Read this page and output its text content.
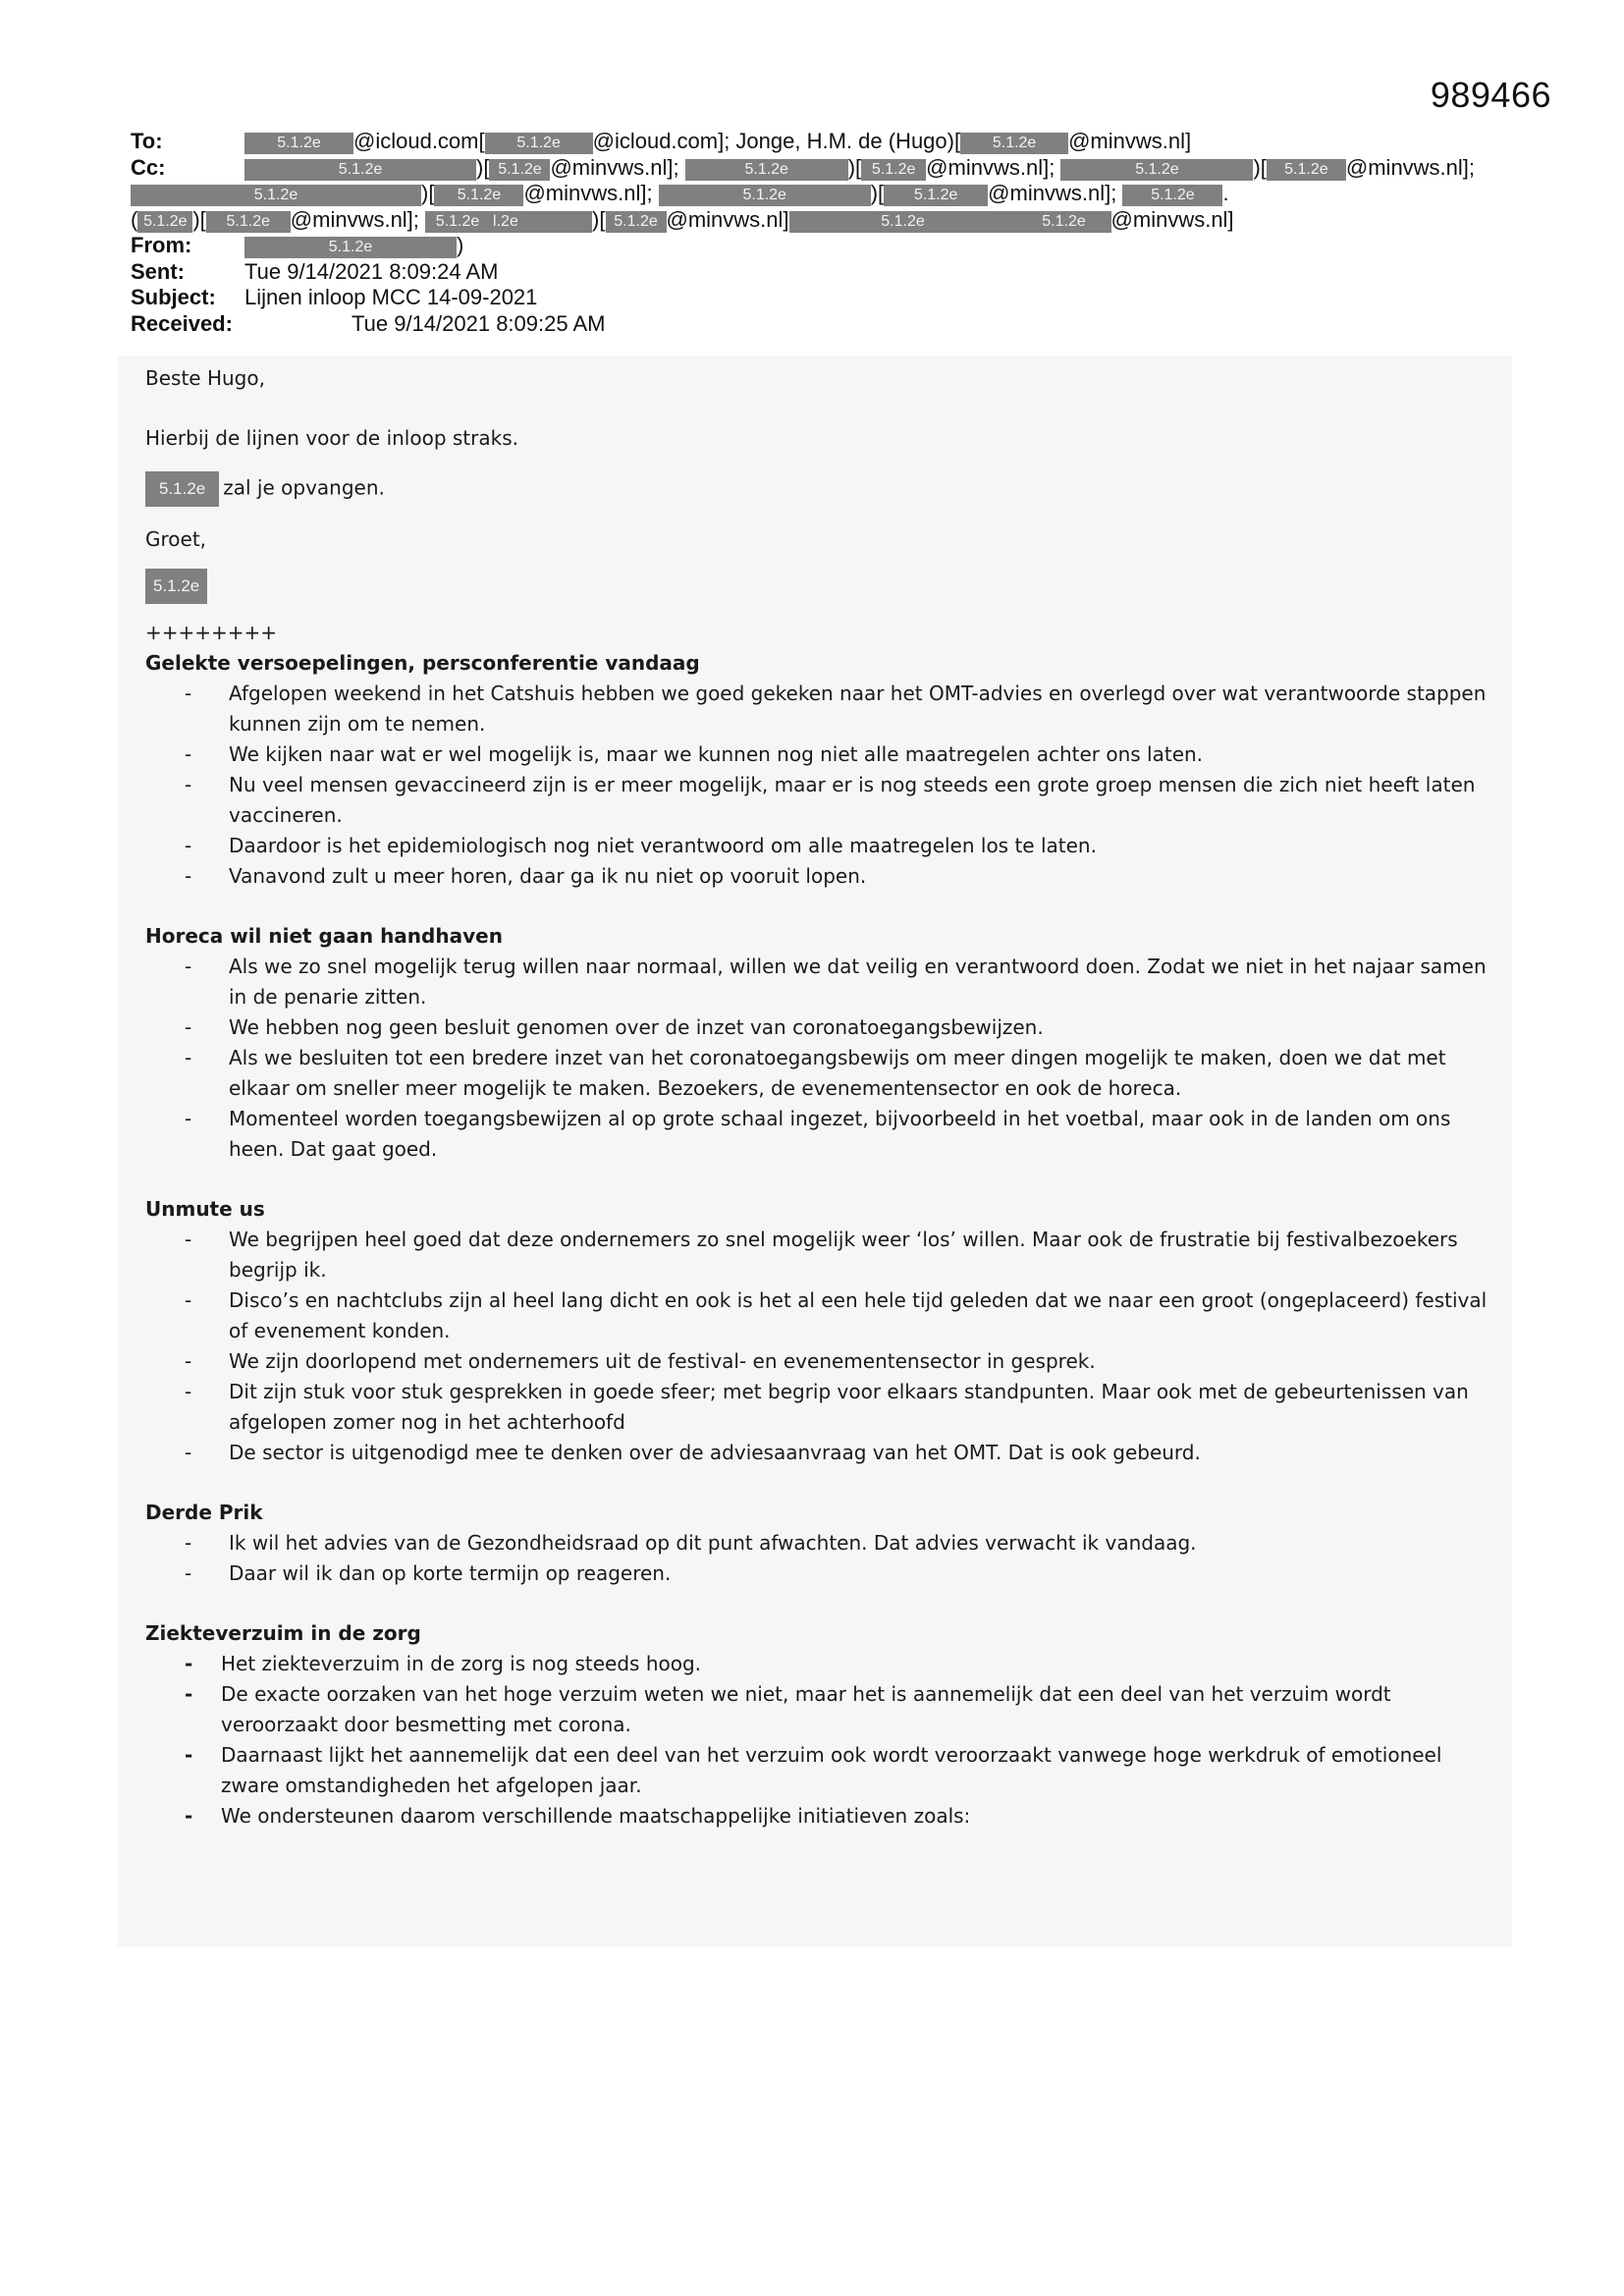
989466
To:	5.1.2e @icloud.com[ 5.1.2e @icloud.com]; Jonge, H.M. de (Hugo)[ 5.1.2e @minvws.nl]
Cc:	5.1.2e	)[ 5.1.2e @minvws.nl];	5.1.2e	)[ 5.1.2e @minvws.nl];	5.1.2e	)[ 5.1.2e @minvws.nl];
5.1.2e	)[ 5.1.2e @minvws.nl];	5.1.2e	)[ 5.1.2e @minvws.nl]; 5.1.2e .
( 5.1.2e )[ 5.1.2e @minvws.nl]; 5.1.2e l.2e	)[ 5.1.2e @minvws.nl]	5.1.2e	5.1.2e @minvws.nl]
From:	5.1.2e	)
Sent:	Tue 9/14/2021 8:09:24 AM
Subject: Lijnen inloop MCC 14-09-2021
Received:	Tue 9/14/2021 8:09:25 AM

Beste Hugo,

Hierbij de lijnen voor de inloop straks.

5.1.2e zal je opvangen.

Groet,

5.1.2e

++++++++

Gelekte versoepelingen, persconferentie vandaag

- Afgelopen weekend in het Catshuis hebben we goed gekeken naar het OMT-advies en overlegd over wat verantwoorde stappen kunnen zijn om te nemen.
- We kijken naar wat er wel mogelijk is, maar we kunnen nog niet alle maatregelen achter ons laten.
- Nu veel mensen gevaccineerd zijn is er meer mogelijk, maar er is nog steeds een grote groep mensen die zich niet heeft laten vaccineren.
- Daardoor is het epidemiologisch nog niet verantwoord om alle maatregelen los te laten.
- Vanavond zult u meer horen, daar ga ik nu niet op vooruit lopen.

Horeca wil niet gaan handhaven

- Als we zo snel mogelijk terug willen naar normaal, willen we dat veilig en verantwoord doen. Zodat we niet in het najaar samen in de penarie zitten.
- We hebben nog geen besluit genomen over de inzet van coronatoegangsbewijzen.
- Als we besluiten tot een bredere inzet van het coronatoegangsbewijs om meer dingen mogelijk te maken, doen we dat met elkaar om sneller meer mogelijk te maken. Bezoekers, de evenementensector en ook de horeca.
- Momenteel worden toegangsbewijzen al op grote schaal ingezet, bijvoorbeeld in het voetbal, maar ook in de landen om ons heen. Dat gaat goed.

Unmute us

- We begrijpen heel goed dat deze ondernemers zo snel mogelijk weer ‘los’ willen. Maar ook de frustratie bij festivalbezoekers begrijp ik.
- Disco’s en nachtclubs zijn al heel lang dicht en ook is het al een hele tijd geleden dat we naar een groot (ongeplaceerd) festival of evenement konden.
- We zijn doorlopend met ondernemers uit de festival- en evenementensector in gesprek.
- Dit zijn stuk voor stuk gesprekken in goede sfeer; met begrip voor elkaars standpunten. Maar ook met de gebeurtenissen van afgelopen zomer nog in het achterhoofd
- De sector is uitgenodigd mee te denken over de adviesaanvraag van het OMT. Dat is ook gebeurd.

Derde Prik

- Ik wil het advies van de Gezondheidsraad op dit punt afwachten. Dat advies verwacht ik vandaag.
- Daar wil ik dan op korte termijn op reageren.

Ziekteverzuim in de zorg

- Het ziekteverzuim in de zorg is nog steeds hoog.
- De exacte oorzaken van het hoge verzuim weten we niet, maar het is aannemelijk dat een deel van het verzuim wordt veroorzaakt door besmetting met corona.
- Daarnaast lijkt het aannemelijk dat een deel van het verzuim ook wordt veroorzaakt vanwege hoge werkdruk of emotioneel zware omstandigheden het afgelopen jaar.
- We ondersteunen daarom verschillende maatschappelijke initiatieven zoals:
